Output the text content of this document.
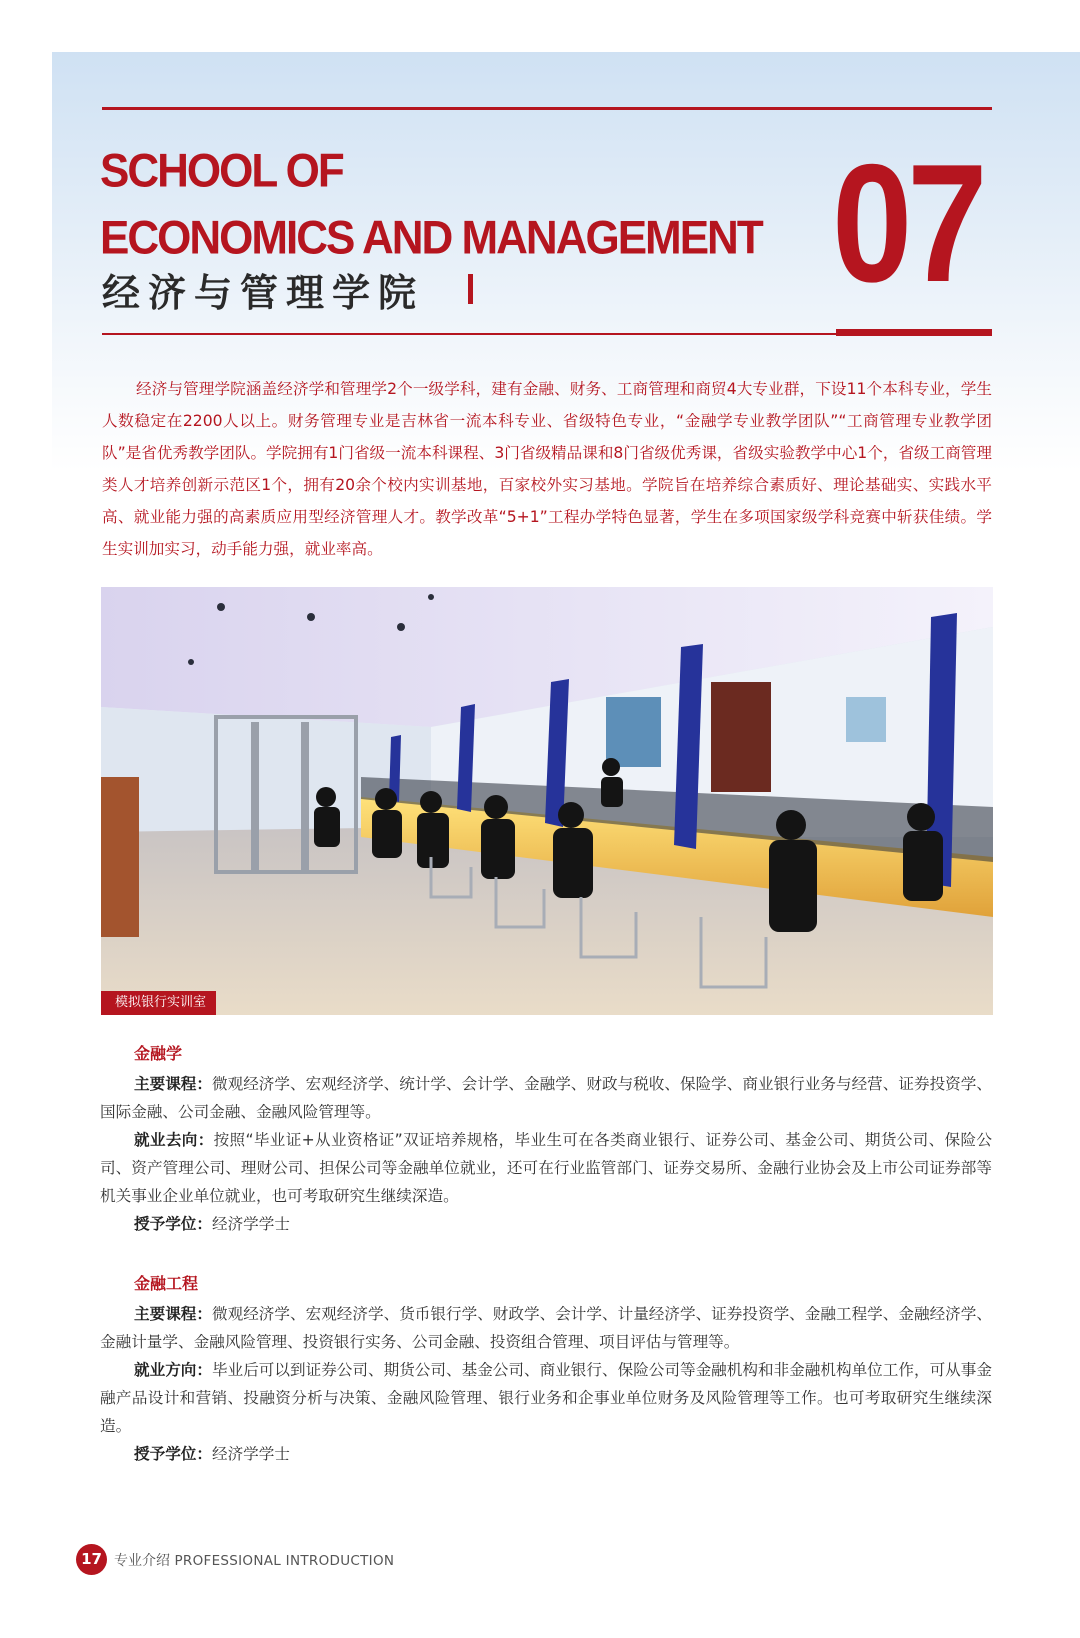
SCHOOL OF
ECONOMICS AND MANAGEMENT
经济与管理学院 07

经济与管理学院涵盖经济学和管理学2个一级学科，建有金融、财务、工商管理和商贸4大专业群，下设11个本科专业，学生人数稳定在2200人以上。财务管理专业是吉林省一流本科专业、省级特色专业，“金融学专业教学团队”“工商管理专业教学团队”是省优秀教学团队。学院拥有1门省级一流本科课程、3门省级精品课和8门省级优秀课，省级实验教学中心1个，省级工商管理类人才培养创新示范区1个，拥有20余个校内实训基地，百家校外实习基地。学院旨在培养综合素质好、理论基础实、实践水平高、就业能力强的高素质应用型经济管理人才。教学改革“5+1”工程办学特色显著，学生在多项国家级学科竞赛中斩获佳绩。学生实训加实习，动手能力强，就业率高。

模拟银行实训室
金融学

主要课程：微观经济学、宏观经济学、统计学、会计学、金融学、财政与税收、保险学、商业银行业务与经营、证券投资学、国际金融、公司金融、金融风险管理等。

就业去向：按照“毕业证+从业资格证”双证培养规格，毕业生可在各类商业银行、证券公司、基金公司、期货公司、保险公司、资产管理公司、理财公司、担保公司等金融单位就业，还可在行业监管部门、证券交易所、金融行业协会及上市公司证券部等机关事业企业单位就业，也可考取研究生继续深造。

授予学位：经济学学士

金融工程

主要课程：微观经济学、宏观经济学、货币银行学、财政学、会计学、计量经济学、证券投资学、金融工程学、金融经济学、金融计量学、金融风险管理、投资银行实务、公司金融、投资组合管理、项目评估与管理等。

就业方向：毕业后可以到证券公司、期货公司、基金公司、商业银行、保险公司等金融机构和非金融机构单位工作，可从事金融产品设计和营销、投融资分析与决策、金融风险管理、银行业务和企事业单位财务及风险管理等工作。也可考取研究生继续深造。

授予学位：经济学学士

17 专业介绍 PROFESSIONAL INTRODUCTION
